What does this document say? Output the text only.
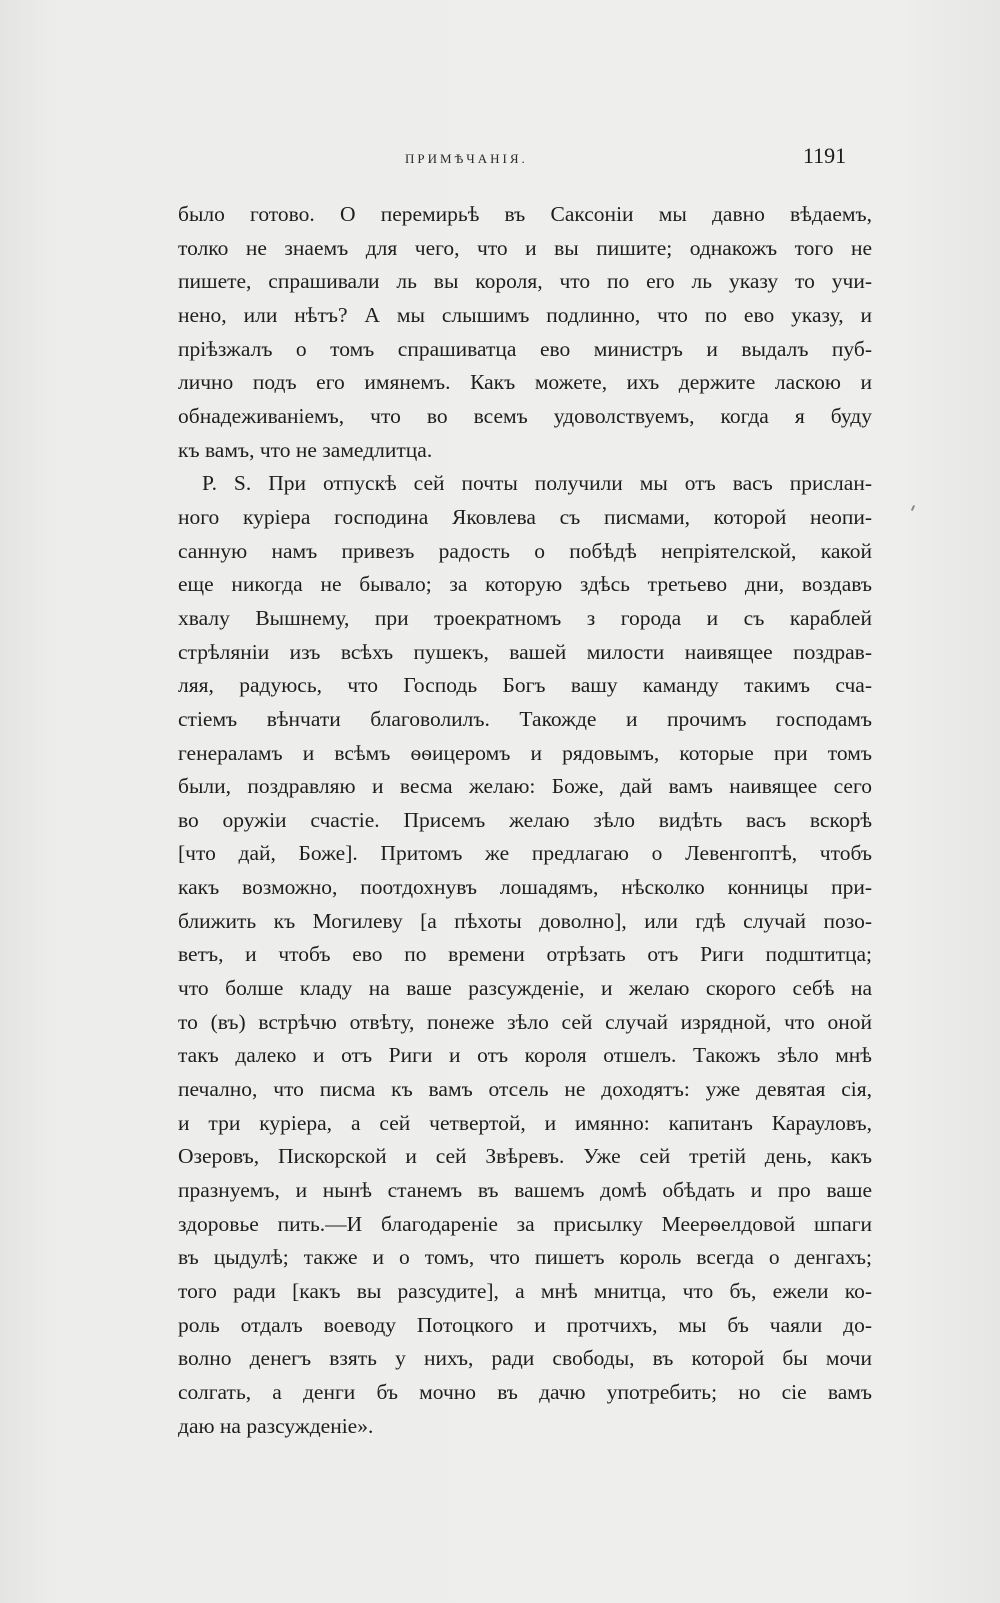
ПРИМѢЧАНІЯ.	1191
было готово. О перемирьѣ въ Саксоніи мы давно вѣдаемъ,
толко не знаемъ для чего, что и вы пишите; однакожъ того не
пишете, спрашивали ль вы короля, что по его ль указу то учи-
нено, или нѣтъ? А мы слышимъ подлинно, что по ево указу, и
пріѣзжалъ о томъ спрашиватца ево министръ и выдалъ пуб-
лично подъ его имянемъ. Какъ можете, ихъ держите ласкою и
обнадеживаніемъ, что во всемъ удоволствуемъ, когда я буду
къ вамъ, что не замедлитца.
P. S. При отпускѣ сей почты получили мы отъ васъ прислан-
ного куріера господина Яковлева съ писмами, которой неопи-
санную намъ привезъ радость о побѣдѣ непріятелской, какой
еще никогда не бывало; за которую здѣсь третьево дни, воздавъ
хвалу Вышнему, при троекратномъ з города и съ караблей
стрѣляніи изъ всѣхъ пушекъ, вашей милости наивящее поздрав-
ляя, радуюсь, что Господь Богъ вашу каманду такимъ сча-
стіемъ вѣнчати благоволилъ. Такожде и прочимъ господамъ
генераламъ и всѣмъ ѳѳицеромъ и рядовымъ, которые при томъ
были, поздравляю и весма желаю: Боже, дай вамъ наивящее сего
во оружіи счастіе. Присемъ желаю зѣло видѣть васъ вскорѣ
[что дай, Боже]. Притомъ же предлагаю о Левенгоптѣ, чтобъ
какъ возможно, поотдохнувъ лошадямъ, нѣсколко конницы при-
ближить къ Могилеву [а пѣхоты доволно], или гдѣ случай позо-
ветъ, и чтобъ ево по времени отрѣзать отъ Риги подштитца;
что болше кладу на ваше разсужденіе, и желаю скорого себѣ на
то (въ) встрѣчю отвѣту, понеже зѣло сей случай изрядной, что оной
такъ далеко и отъ Риги и отъ короля отшелъ. Такожъ зѣло мнѣ
печално, что писма къ вамъ отсель не доходятъ: уже девятая сія,
и три куріера, а сей четвертой, и имянно: капитанъ Карауловъ,
Озеровъ, Пискорской и сей Звѣревъ. Уже сей третій день, какъ
празнуемъ, и нынѣ станемъ въ вашемъ домѣ обѣдать и про ваше
здоровье пить.—И благодареніе за присылку Меерѳелдовой шпаги
въ цыдулѣ; также и о томъ, что пишетъ король всегда о денгахъ;
того ради [какъ вы разсудите], а мнѣ мнитца, что бъ, ежели ко-
роль отдалъ воеводу Потоцкого и протчихъ, мы бъ чаяли до-
волно денегъ взять у нихъ, ради свободы, въ которой бы мочи
солгать, а денги бъ мочно въ дачю употребить; но сіе вамъ
даю на разсужденіе».
